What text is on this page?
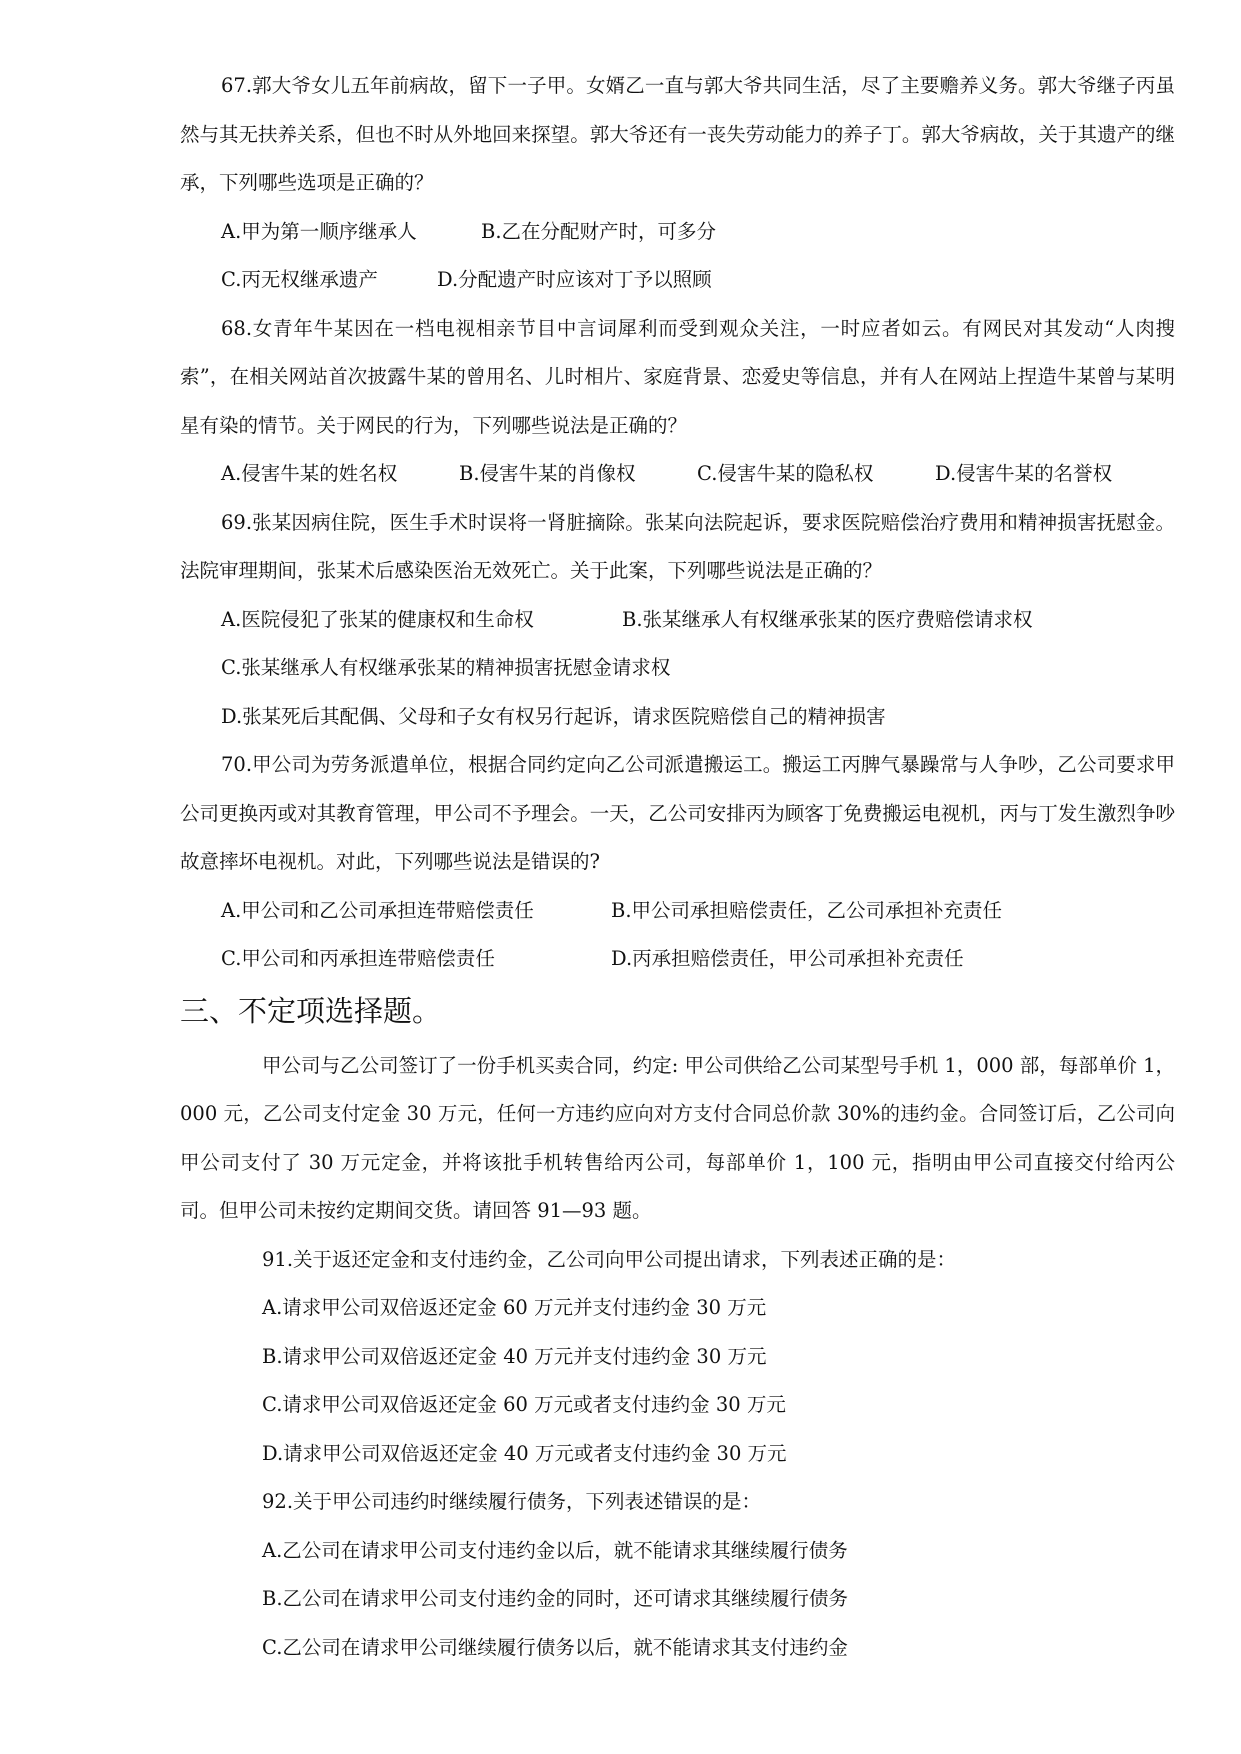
67.郭大爷女儿五年前病故，留下一子甲。女婿乙一直与郭大爷共同生活，尽了主要赡养义务。郭大爷继子丙虽然与其无扶养关系，但也不时从外地回来探望。郭大爷还有一丧失劳动能力的养子丁。郭大爷病故，关于其遗产的继承，下列哪些选项是正确的？

A.甲为第一顺序继承人	B.乙在分配财产时，可多分
C.丙无权继承遗产	D.分配遗产时应该对丁予以照顾

68.女青年牛某因在一档电视相亲节目中言词犀利而受到观众关注，一时应者如云。有网民对其发动“人肉搜索”，在相关网站首次披露牛某的曾用名、儿时相片、家庭背景、恋爱史等信息，并有人在网站上捏造牛某曾与某明星有染的情节。关于网民的行为，下列哪些说法是正确的？

A.侵害牛某的姓名权	B.侵害牛某的肖像权	C.侵害牛某的隐私权	D.侵害牛某的名誉权

69.张某因病住院，医生手术时误将一肾脏摘除。张某向法院起诉，要求医院赔偿治疗费用和精神损害抚慰金。法院审理期间，张某术后感染医治无效死亡。关于此案，下列哪些说法是正确的？

A.医院侵犯了张某的健康权和生命权	B.张某继承人有权继承张某的医疗费赔偿请求权
C.张某继承人有权继承张某的精神损害抚慰金请求权
D.张某死后其配偶、父母和子女有权另行起诉，请求医院赔偿自己的精神损害

70.甲公司为劳务派遣单位，根据合同约定向乙公司派遣搬运工。搬运工丙脾气暴躁常与人争吵，乙公司要求甲公司更换丙或对其教育管理，甲公司不予理会。一天，乙公司安排丙为顾客丁免费搬运电视机，丙与丁发生激烈争吵故意摔坏电视机。对此，下列哪些说法是错误的?

A.甲公司和乙公司承担连带赔偿责任	B.甲公司承担赔偿责任，乙公司承担补充责任
C.甲公司和丙承担连带赔偿责任	D.丙承担赔偿责任，甲公司承担补充责任
三、不定项选择题。

甲公司与乙公司签订了一份手机买卖合同，约定: 甲公司供给乙公司某型号手机 1，000 部，每部单价 1，000 元，乙公司支付定金 30 万元，任何一方违约应向对方支付合同总价款 30%的违约金。合同签订后，乙公司向甲公司支付了 30 万元定金，并将该批手机转售给丙公司，每部单价 1，100 元，指明由甲公司直接交付给丙公司。但甲公司未按约定期间交货。请回答 91—93 题。

91.关于返还定金和支付违约金，乙公司向甲公司提出请求，下列表述正确的是：
A.请求甲公司双倍返还定金 60 万元并支付违约金 30 万元
B.请求甲公司双倍返还定金 40 万元并支付违约金 30 万元
C.请求甲公司双倍返还定金 60 万元或者支付违约金 30 万元
D.请求甲公司双倍返还定金 40 万元或者支付违约金 30 万元
92.关于甲公司违约时继续履行债务，下列表述错误的是：
A.乙公司在请求甲公司支付违约金以后，就不能请求其继续履行债务
B.乙公司在请求甲公司支付违约金的同时，还可请求其继续履行债务
C.乙公司在请求甲公司继续履行债务以后，就不能请求其支付违约金
